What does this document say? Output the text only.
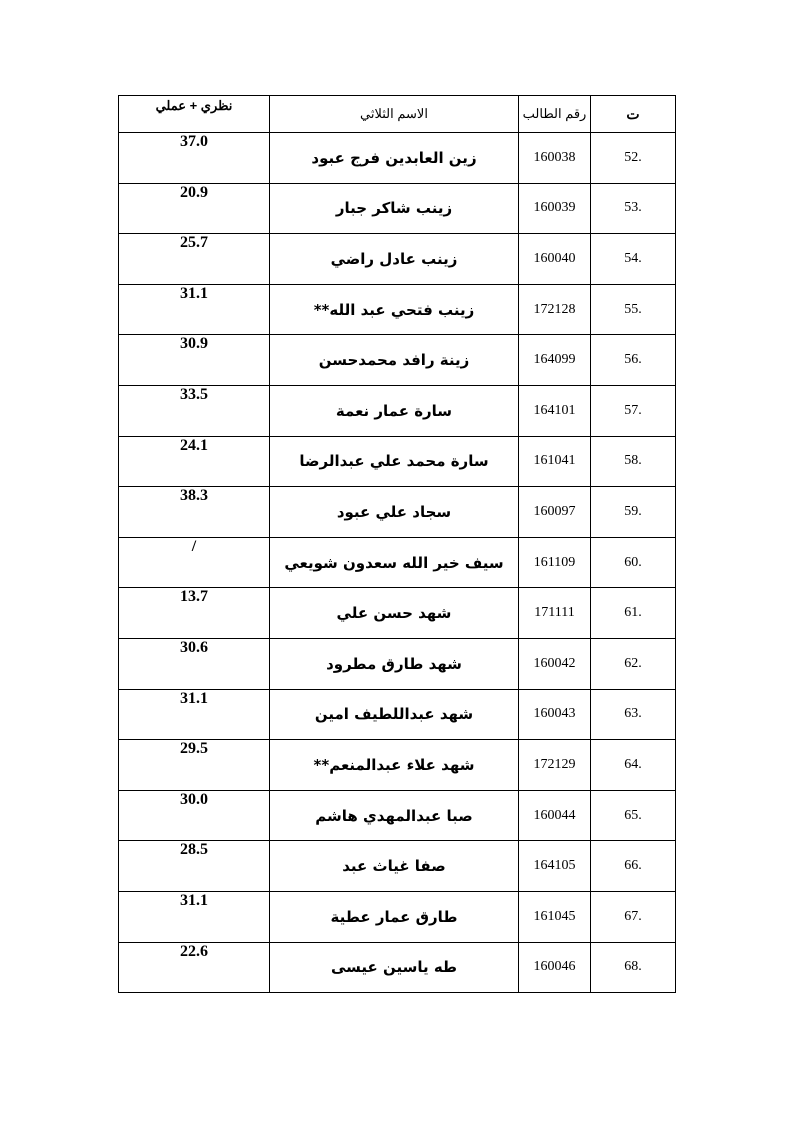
نظري + عملي	الاسم الثلاثي	رقم الطالب	ت
37.0	زين العابدين فرج عبود	160038	52.
20.9	زينب شاكر جبار	160039	53.
25.7	زينب عادل راضي	160040	54.
31.1	زينب فتحي عبد الله**	172128	55.
30.9	زينة رافد محمدحسن	164099	56.
33.5	سارة عمار نعمة	164101	57.
24.1	سارة محمد علي عبدالرضا	161041	58.
38.3	سجاد علي عبود	160097	59.
/	سيف خير الله سعدون شويعي	161109	60.
13.7	شهد حسن علي	171111	61.
30.6	شهد طارق مطرود	160042	62.
31.1	شهد عبداللطيف امين	160043	63.
29.5	شهد علاء عبدالمنعم**	172129	64.
30.0	صبا عبدالمهدي هاشم	160044	65.
28.5	صفا غياث عبد	164105	66.
31.1	طارق عمار عطية	161045	67.
22.6	طه ياسين عيسى	160046	68.
